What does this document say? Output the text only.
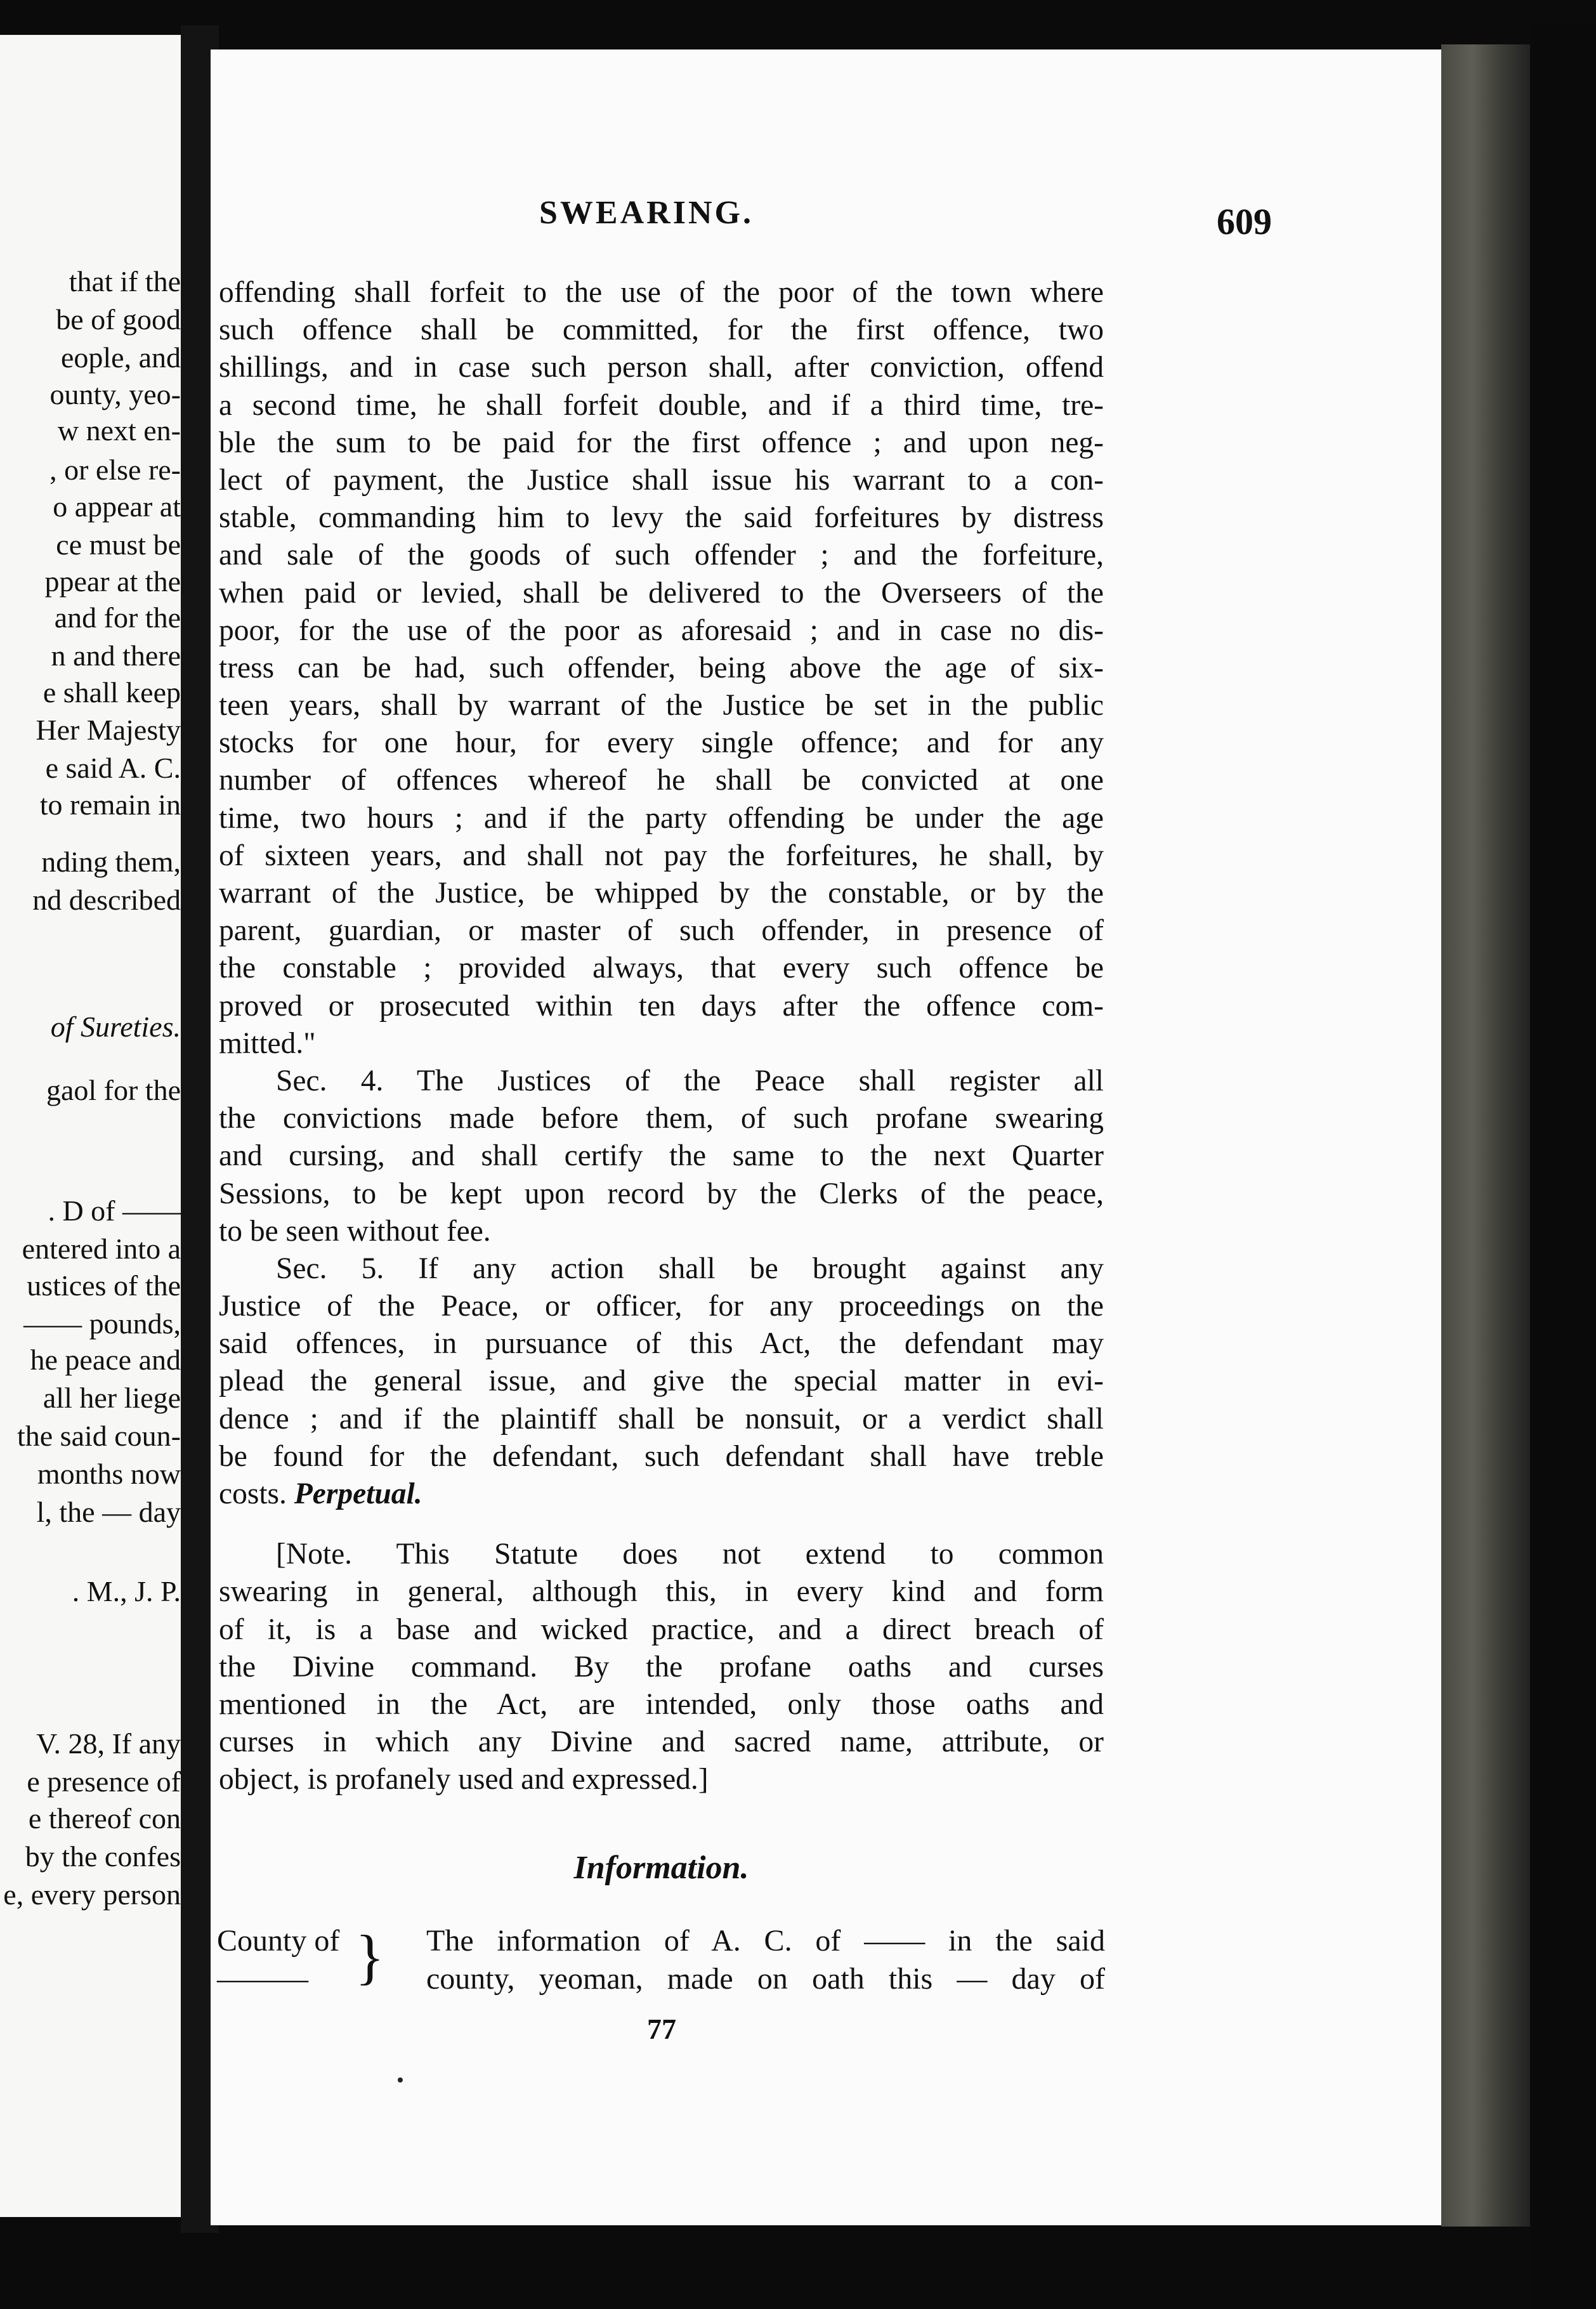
that if the
be of good
eople, and
ounty, yeo-
w next en-
, or else re-
o appear at
ce must be
ppear at the
and for the
n and there
e shall keep
Her Majesty
e said A. C.
to remain in
nding them,
nd described
of Sureties.
gaol for the
. D of ——
entered into a
ustices of the
—— pounds,
he peace and
all her liege
the said coun-
months now
l, the — day
. M., J. P.
V. 28, If any
e presence of
e thereof con
by the confes
e, every person
SWEARING.	609
offending shall forfeit to the use of the poor of the town where
such offence shall be committed, for the first offence, two
shillings, and in case such person shall, after conviction, offend
a second time, he shall forfeit double, and if a third time, tre-
ble the sum to be paid for the first offence ; and upon neg-
lect of payment, the Justice shall issue his warrant to a con-
stable, commanding him to levy the said forfeitures by distress
and sale of the goods of such offender ; and the forfeiture,
when paid or levied, shall be delivered to the Overseers of the
poor, for the use of the poor as aforesaid ; and in case no dis-
tress can be had, such offender, being above the age of six-
teen years, shall by warrant of the Justice be set in the public
stocks for one hour, for every single offence; and for any
number of offences whereof he shall be convicted at one
time, two hours ; and if the party offending be under the age
of sixteen years, and shall not pay the forfeitures, he shall, by
warrant of the Justice, be whipped by the constable, or by the
parent, guardian, or master of such offender, in presence of
the constable ; provided always, that every such offence be
proved or prosecuted within ten days after the offence com-
mitted."
Sec. 4. The Justices of the Peace shall register all
the convictions made before them, of such profane swearing
and cursing, and shall certify the same to the next Quarter
Sessions, to be kept upon record by the Clerks of the peace,
to be seen without fee.
Sec. 5. If any action shall be brought against any
Justice of the Peace, or officer, for any proceedings on the
said offences, in pursuance of this Act, the defendant may
plead the general issue, and give the special matter in evi-
dence ; and if the plaintiff shall be nonsuit, or a verdict shall
be found for the defendant, such defendant shall have treble
costs. Perpetual.
[Note. This Statute does not extend to common
swearing in general, although this, in every kind and form
of it, is a base and wicked practice, and a direct breach of
the Divine command. By the profane oaths and curses
mentioned in the Act, are intended, only those oaths and
curses in which any Divine and sacred name, attribute, or
object, is profanely used and expressed.]
Information.
County of
——— } The information of A. C. of —— in the said
county, yeoman, made on oath this — day of
77
